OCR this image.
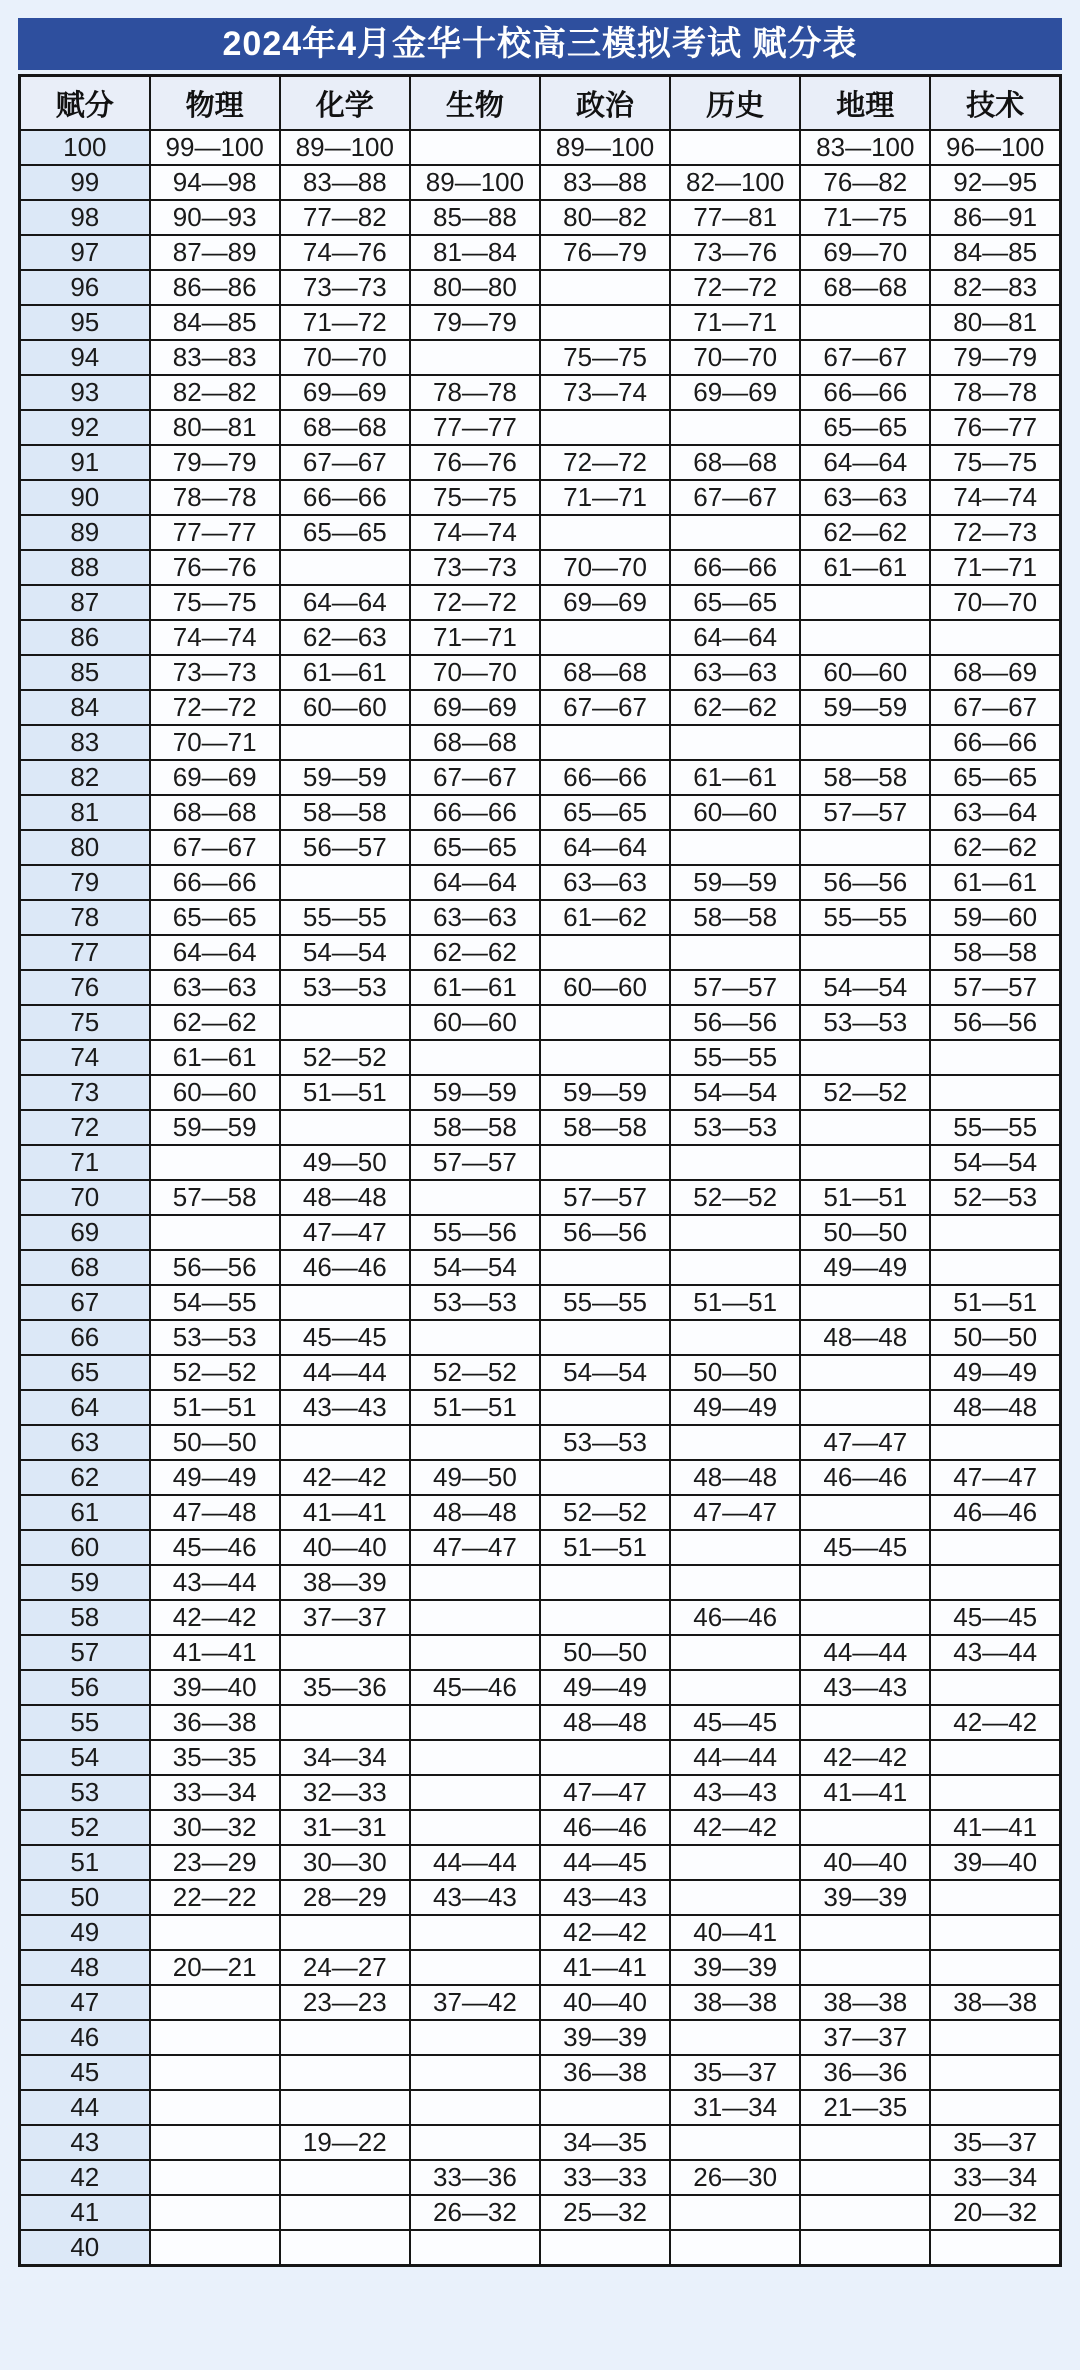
2024年4月金华十校高三模拟考试 赋分表
赋分	物理	化学	生物	政治	历史	地理	技术
100	99—100	89—100		89—100		83—100	96—100
99	94—98	83—88	89—100	83—88	82—100	76—82	92—95
98	90—93	77—82	85—88	80—82	77—81	71—75	86—91
97	87—89	74—76	81—84	76—79	73—76	69—70	84—85
96	86—86	73—73	80—80		72—72	68—68	82—83
95	84—85	71—72	79—79		71—71		80—81
94	83—83	70—70		75—75	70—70	67—67	79—79
93	82—82	69—69	78—78	73—74	69—69	66—66	78—78
92	80—81	68—68	77—77			65—65	76—77
91	79—79	67—67	76—76	72—72	68—68	64—64	75—75
90	78—78	66—66	75—75	71—71	67—67	63—63	74—74
89	77—77	65—65	74—74			62—62	72—73
88	76—76		73—73	70—70	66—66	61—61	71—71
87	75—75	64—64	72—72	69—69	65—65		70—70
86	74—74	62—63	71—71		64—64		
85	73—73	61—61	70—70	68—68	63—63	60—60	68—69
84	72—72	60—60	69—69	67—67	62—62	59—59	67—67
83	70—71		68—68				66—66
82	69—69	59—59	67—67	66—66	61—61	58—58	65—65
81	68—68	58—58	66—66	65—65	60—60	57—57	63—64
80	67—67	56—57	65—65	64—64			62—62
79	66—66		64—64	63—63	59—59	56—56	61—61
78	65—65	55—55	63—63	61—62	58—58	55—55	59—60
77	64—64	54—54	62—62				58—58
76	63—63	53—53	61—61	60—60	57—57	54—54	57—57
75	62—62		60—60		56—56	53—53	56—56
74	61—61	52—52			55—55		
73	60—60	51—51	59—59	59—59	54—54	52—52	
72	59—59		58—58	58—58	53—53		55—55
71		49—50	57—57				54—54
70	57—58	48—48		57—57	52—52	51—51	52—53
69		47—47	55—56	56—56		50—50	
68	56—56	46—46	54—54			49—49	
67	54—55		53—53	55—55	51—51		51—51
66	53—53	45—45				48—48	50—50
65	52—52	44—44	52—52	54—54	50—50		49—49
64	51—51	43—43	51—51		49—49		48—48
63	50—50			53—53		47—47	
62	49—49	42—42	49—50		48—48	46—46	47—47
61	47—48	41—41	48—48	52—52	47—47		46—46
60	45—46	40—40	47—47	51—51		45—45	
59	43—44	38—39					
58	42—42	37—37			46—46		45—45
57	41—41			50—50		44—44	43—44
56	39—40	35—36	45—46	49—49		43—43	
55	36—38			48—48	45—45		42—42
54	35—35	34—34			44—44	42—42	
53	33—34	32—33		47—47	43—43	41—41	
52	30—32	31—31		46—46	42—42		41—41
51	23—29	30—30	44—44	44—45		40—40	39—40
50	22—22	28—29	43—43	43—43		39—39	
49				42—42	40—41		
48	20—21	24—27		41—41	39—39		
47		23—23	37—42	40—40	38—38	38—38	38—38
46				39—39		37—37	
45				36—38	35—37	36—36	
44					31—34	21—35	
43		19—22		34—35			35—37
42			33—36	33—33	26—30		33—34
41			26—32	25—32			20—32
40							
